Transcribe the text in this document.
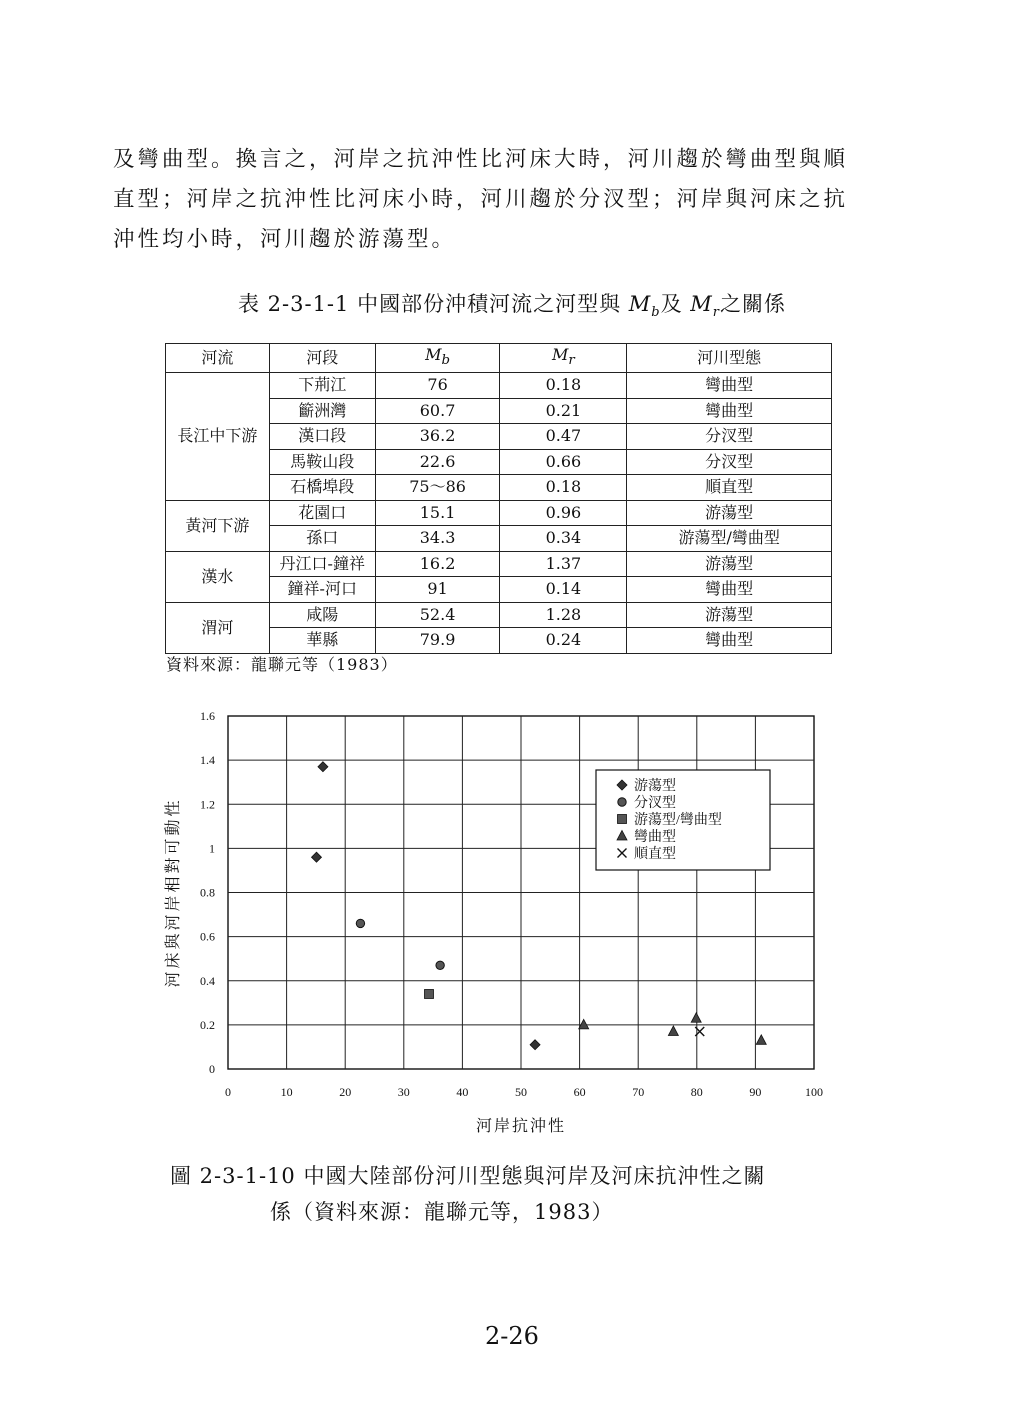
及彎曲型。換言之，河岸之抗沖性比河床大時，河川趨於彎曲型與順
直型；河岸之抗沖性比河床小時，河川趨於分汊型；河岸與河床之抗
沖性均小時，河川趨於游蕩型。

表 2-3-1-1 中國部份沖積河流之河型與 $M_b$及 $M_r$之關係
河流	河段	$M_b$	$M_r$	河川型態
長江中下游	下荊江	76	0.18	彎曲型
	籪洲灣	60.7	0.21	彎曲型
	漢口段	36.2	0.47	分汊型
	馬鞍山段	22.6	0.66	分汊型
	石橋埠段	75～86	0.18	順直型
黃河下游	花園口	15.1	0.96	游蕩型
	孫口	34.3	0.34	游蕩型/彎曲型
漢水	丹江口-鐘祥	16.2	1.37	游蕩型
	鐘祥-河口	91	0.14	彎曲型
渭河	咸陽	52.4	1.28	游蕩型
	華縣	79.9	0.24	彎曲型
資料來源：龍聯元等（1983）
0	10	20	30	40	50	60	70	80	90	100
0
0.2
0.4
0.6
0.8
1
1.2
1.4
1.6
河岸抗沖性
河床與河岸相對可動性
游蕩型
分汊型
游蕩型/彎曲型
彎曲型
順直型
圖 2-3-1-10 中國大陸部份河川型態與河岸及河床抗沖性之關
係（資料來源：龍聯元等，1983）
2-26
